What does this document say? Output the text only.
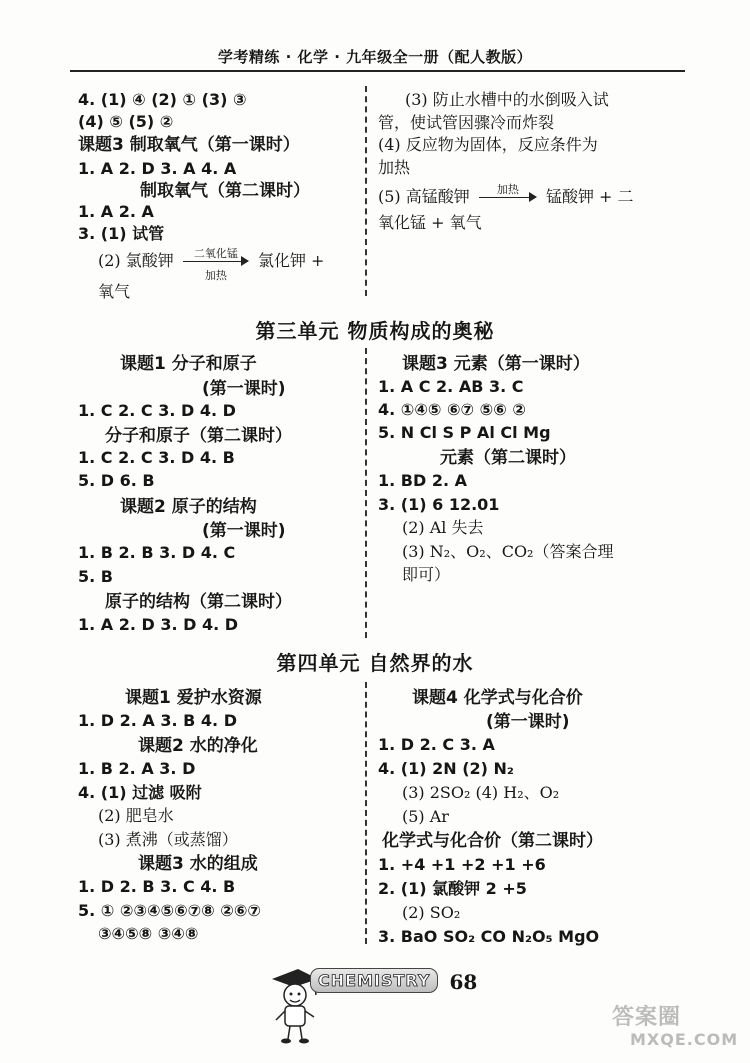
学考精练 · 化学 · 九年级全一册（配人教版）
4. (1) ④ (2) ① (3) ③
(4) ⑤ (5) ②
课题3 制取氧气（第一课时）
1. A 2. D 3. A 4. A
制取氧气（第二课时）
1. A 2. A
3. (1) 试管
(2) 氯酸钾	二氧化锰
加热
氯化钾 +
氧气
(3) 防止水槽中的水倒吸入试
管，使试管因骤冷而炸裂
(4) 反应物为固体，反应条件为
加热
(5) 高锰酸钾	加热	锰酸钾 + 二
氧化锰 + 氧气
第三单元 物质构成的奥秘
课题1 分子和原子
(第一课时)
1. C 2. C 3. D 4. D
分子和原子（第二课时）
1. C 2. C 3. D 4. B
5. D 6. B
课题2 原子的结构
(第一课时)
1. B 2. B 3. D 4. C
5. B
原子的结构（第二课时）
1. A 2. D 3. D 4. D
课题3 元素（第一课时）
1. A C 2. AB 3. C
4. ①④⑤ ⑥⑦ ⑤⑥ ②
5. N Cl S P Al Cl Mg
元素（第二课时）
1. BD 2. A
3. (1) 6 12.01
(2) Al 失去
(3) N₂、O₂、CO₂（答案合理
即可）
第四单元 自然界的水
课题1 爱护水资源
1. D 2. A 3. B 4. D
课题2 水的净化
1. B 2. A 3. D
4. (1) 过滤 吸附
(2) 肥皂水
(3) 煮沸（或蒸馏）
课题3 水的组成
1. D 2. B 3. C 4. B
5. ① ②③④⑤⑥⑦⑧ ②⑥⑦
③④⑤⑧ ③④⑧
课题4 化学式与化合价
(第一课时)
1. D 2. C 3. A
4. (1) 2N (2) N₂
(3) 2SO₂ (4) H₂、O₂
(5) Ar
化学式与化合价（第二课时）
1. +4 +1 +2 +1 +6
2. (1) 氯酸钾 2 +5
(2) SO₂
3. BaO SO₂ CO N₂O₅ MgO
CHEMISTRY 68
答案圈
MXQE.COM
